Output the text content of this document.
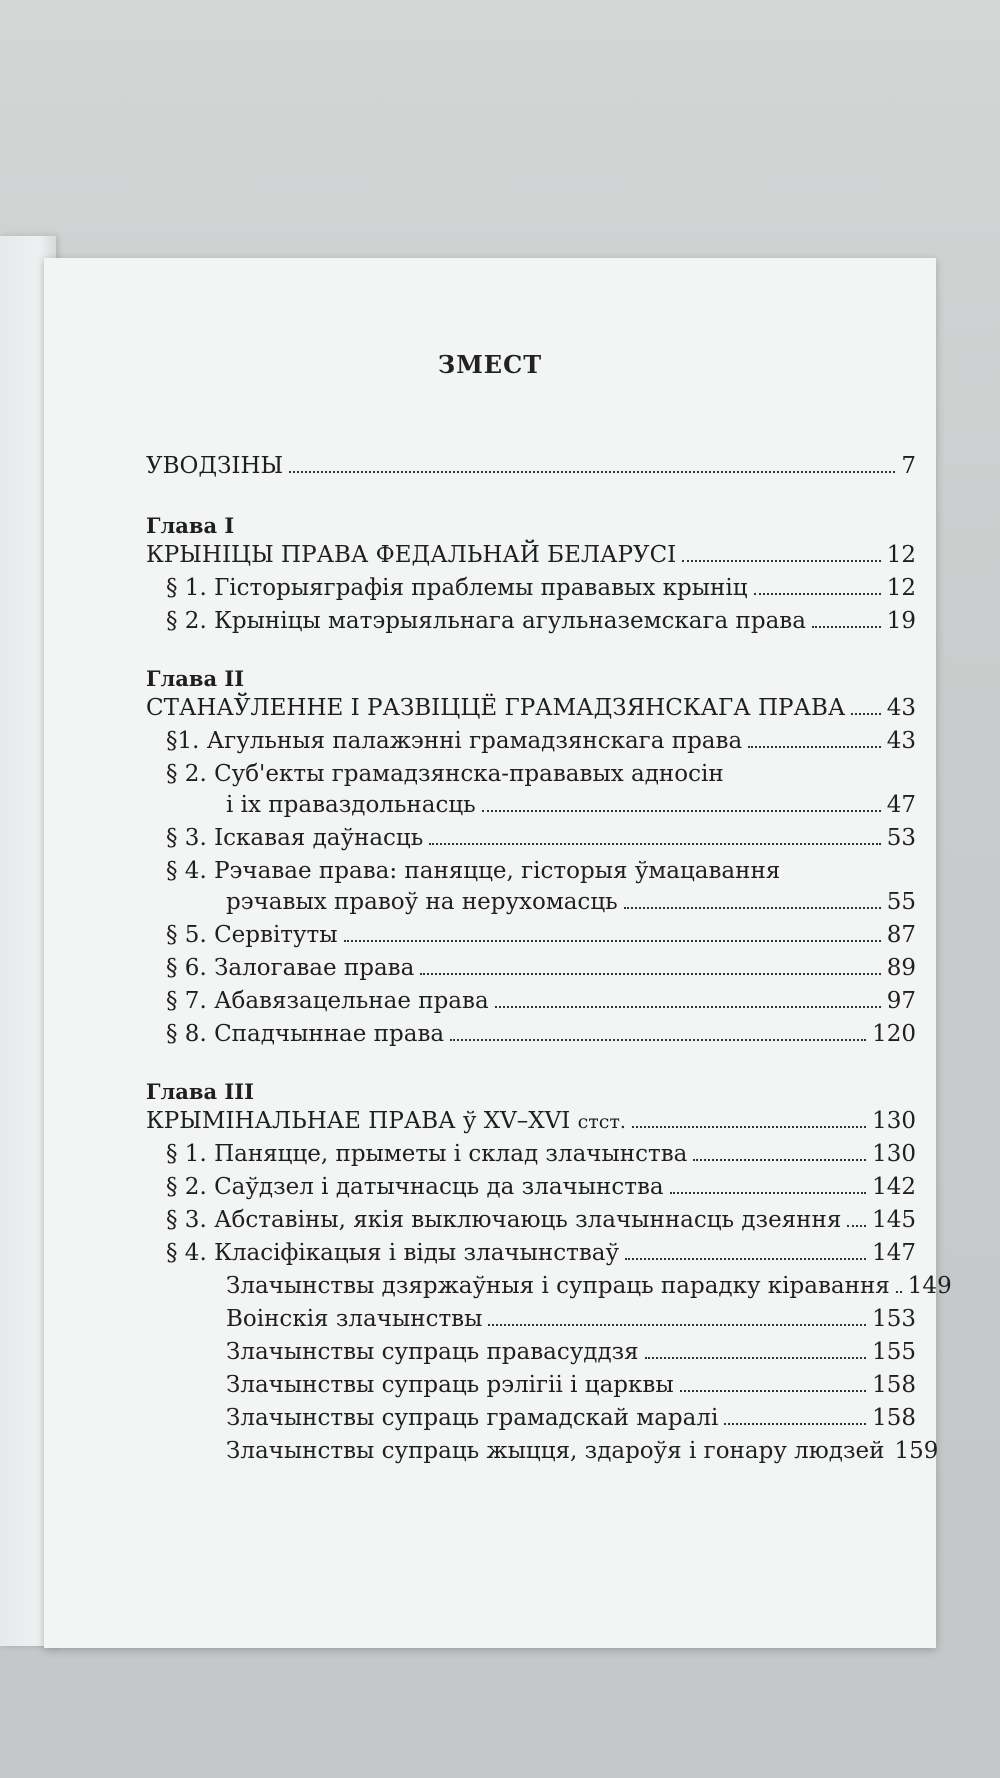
ЗМЕСТ
УВОДЗІНЫ	7
Глава I
КРЫНІЦЫ ПРАВА ФЕДАЛЬНАЙ БЕЛАРУСІ	12
§ 1. Гісторыяграфія праблемы прававых крыніц	12
§ 2. Крыніцы матэрыяльнага агульназемскага права	19
Глава II
СТАНАЎЛЕННЕ І РАЗВІЦЦЁ ГРАМАДЗЯНСКАГА ПРАВА 43
§1. Агульныя палажэнні грамадзянскага права	43
§ 2. Суб'екты грамадзянска-прававых адносін
і іх праваздольнасць	47
§ 3. Іскавая даўнасць	53
§ 4. Рэчавае права: паняцце, гісторыя ўмацавання
рэчавых правоў на нерухомасць	55
§ 5. Сервітуты	87
§ 6. Залогавае права	89
§ 7. Абавязацельнае права	97
§ 8. Спадчыннае права	120
Глава III
КРЫМІНАЛЬНАЕ ПРАВА ў XV–XVI стст.	130
§ 1. Паняцце, прыметы і склад злачынства	130
§ 2. Саўдзел і датычнасць да злачынства	142
§ 3. Абставіны, якія выключаюць злачыннасць дзеяння 145
§ 4. Класіфікацыя і віды злачынстваў	147
Злачынствы дзяржаўныя і супраць парадку кіравання 149
Воінскія злачынствы	153
Злачынствы супраць правасуддзя	155
Злачынствы супраць рэлігіі і царквы	158
Злачынствы супраць грамадскай маралі	158
Злачынствы супраць жыцця, здароўя і гонару людзей 159
